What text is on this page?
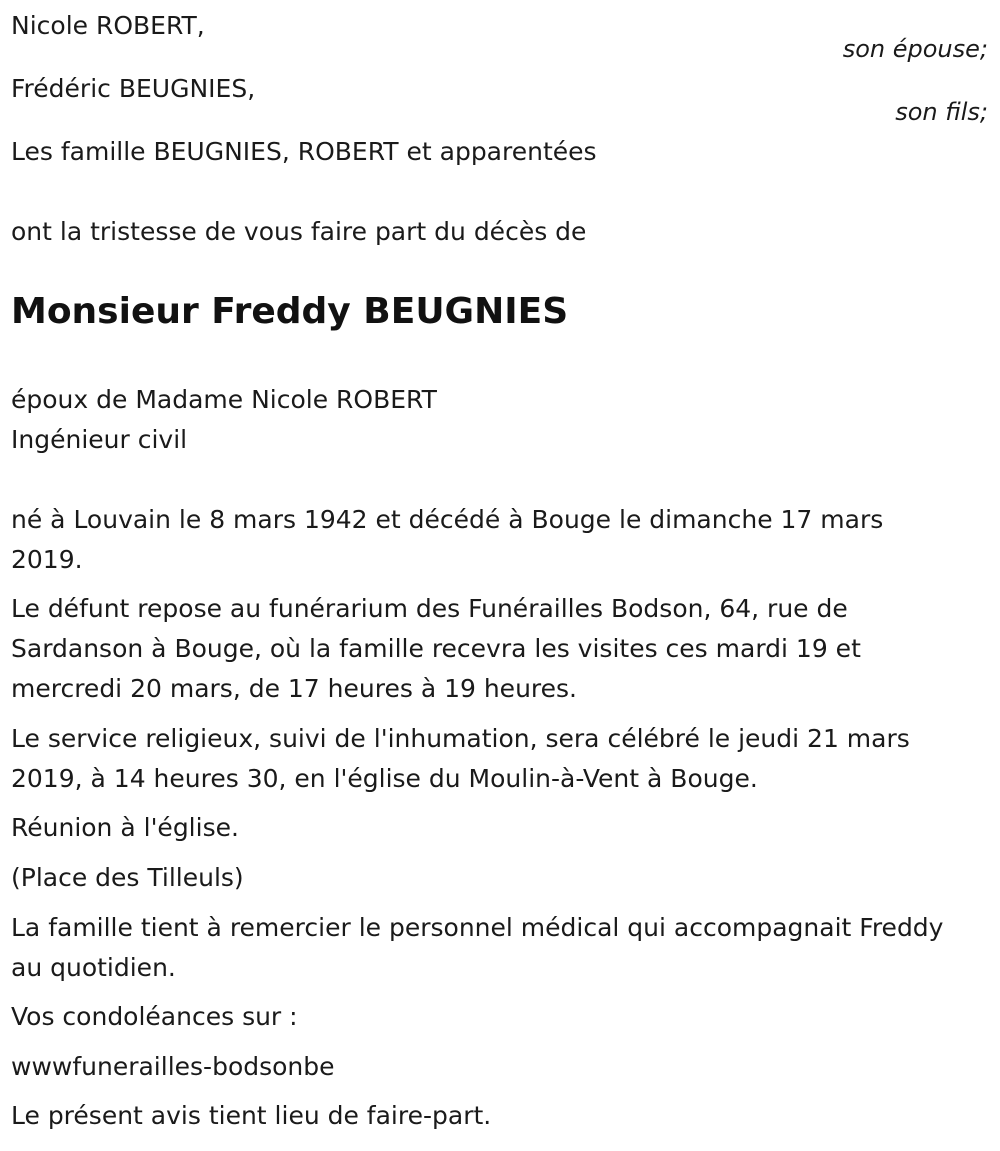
Nicole ROBERT,
son épouse;
Frédéric BEUGNIES,
son fils;
Les famille BEUGNIES, ROBERT et apparentées
ont la tristesse de vous faire part du décès de
Monsieur Freddy BEUGNIES
époux de Madame Nicole ROBERT
Ingénieur civil
né à Louvain le 8 mars 1942 et décédé à Bouge le dimanche 17 mars 2019.
Le défunt repose au funérarium des Funérailles Bodson, 64, rue de Sardanson à Bouge, où la famille recevra les visites ces mardi 19 et mercredi 20 mars, de 17 heures à 19 heures.
Le service religieux, suivi de l'inhumation, sera célébré le jeudi 21 mars 2019, à 14 heures 30, en l'église du Moulin-à-Vent à Bouge.
Réunion à l'église.
(Place des Tilleuls)
La famille tient à remercier le personnel médical qui accompagnait Freddy au quotidien.
Vos condoléances sur :
wwwfunerailles-bodsonbe
Le présent avis tient lieu de faire-part.
